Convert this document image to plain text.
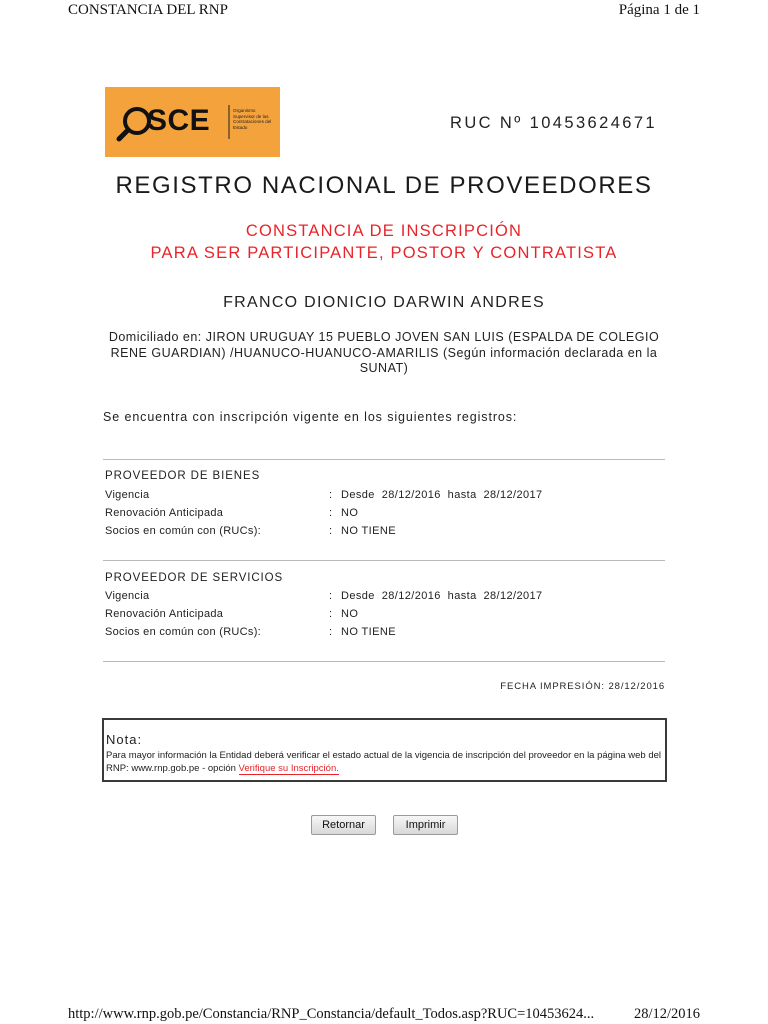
CONSTANCIA DEL RNP	Página 1 de 1
SCE	Organismo Supervisor de las Contrataciones del Estado	RUC Nº 10453624671
REGISTRO NACIONAL DE PROVEEDORES
CONSTANCIA DE INSCRIPCIÓN
PARA SER PARTICIPANTE, POSTOR Y CONTRATISTA
FRANCO DIONICIO DARWIN ANDRES
Domiciliado en: JIRON URUGUAY 15 PUEBLO JOVEN SAN LUIS (ESPALDA DE COLEGIO RENE GUARDIAN) /HUANUCO-HUANUCO-AMARILIS (Según información declarada en la SUNAT)
Se encuentra con inscripción vigente en los siguientes registros:
PROVEEDOR DE BIENES
Vigencia	: Desde  28/12/2016  hasta  28/12/2017
Renovación Anticipada	: NO
Socios en común con (RUCs):	: NO TIENE
PROVEEDOR DE SERVICIOS
Vigencia	: Desde  28/12/2016  hasta  28/12/2017
Renovación Anticipada	: NO
Socios en común con (RUCs):	: NO TIENE
FECHA IMPRESIÓN: 28/12/2016
Nota:
Para mayor información la Entidad deberá verificar el estado actual de la vigencia de inscripción del proveedor en la página web del RNP: www.rnp.gob.pe - opción Verifique su Inscripción.
Retornar	Imprimir
http://www.rnp.gob.pe/Constancia/RNP_Constancia/default_Todos.asp?RUC=10453624...	28/12/2016
